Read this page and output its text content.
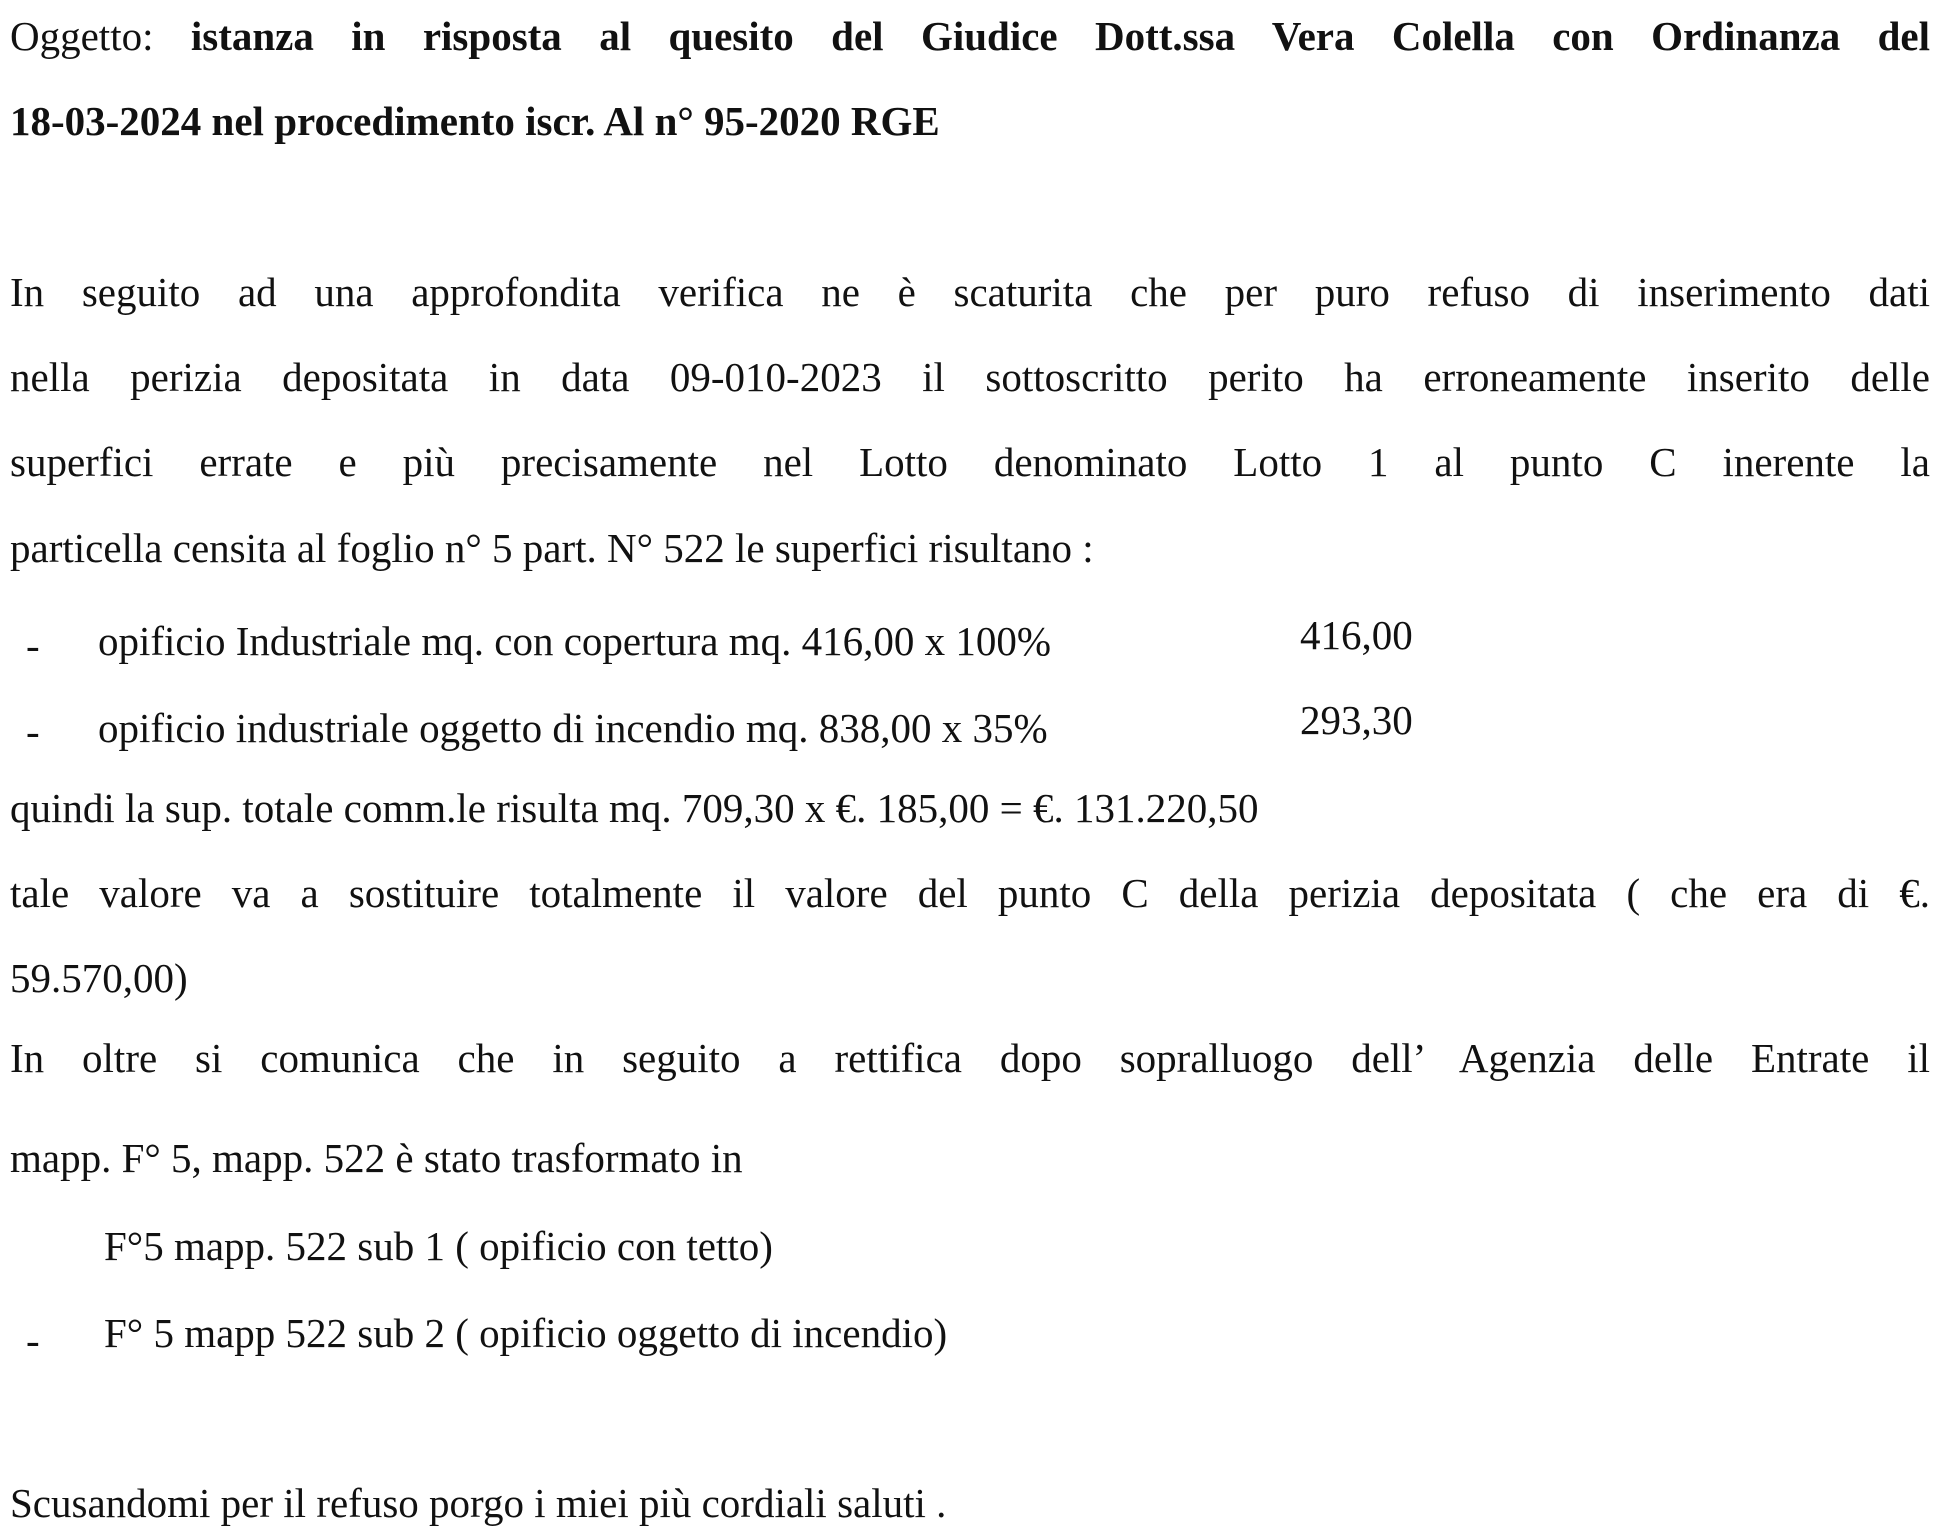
Oggetto: istanza in risposta al quesito del Giudice Dott.ssa Vera Colella con Ordinanza del
18-03-2024 nel procedimento iscr. Al n° 95-2020 RGE
In seguito ad una approfondita verifica ne è scaturita che per puro refuso di inserimento dati
nella perizia depositata in data 09-010-2023 il sottoscritto perito ha erroneamente inserito delle
superfici errate e più precisamente nel Lotto denominato Lotto 1 al punto C inerente la
particella censita al foglio n° 5 part. N° 522 le superfici risultano :
- opificio Industriale mq. con copertura mq. 416,00 x 100%	416,00
- opificio industriale oggetto di incendio mq. 838,00 x 35%	293,30
quindi la sup. totale comm.le risulta mq. 709,30 x €. 185,00 = €. 131.220,50
tale valore va a sostituire totalmente il valore del punto C della perizia depositata ( che era di €.
59.570,00)
In oltre si comunica che in seguito a rettifica dopo sopralluogo dell’ Agenzia delle Entrate il
mapp. F° 5, mapp. 522 è stato trasformato in
F°5 mapp. 522 sub 1 ( opificio con tetto)
- F° 5 mapp 522 sub 2 ( opificio oggetto di incendio)
Scusandomi per il refuso porgo i miei più cordiali saluti .
